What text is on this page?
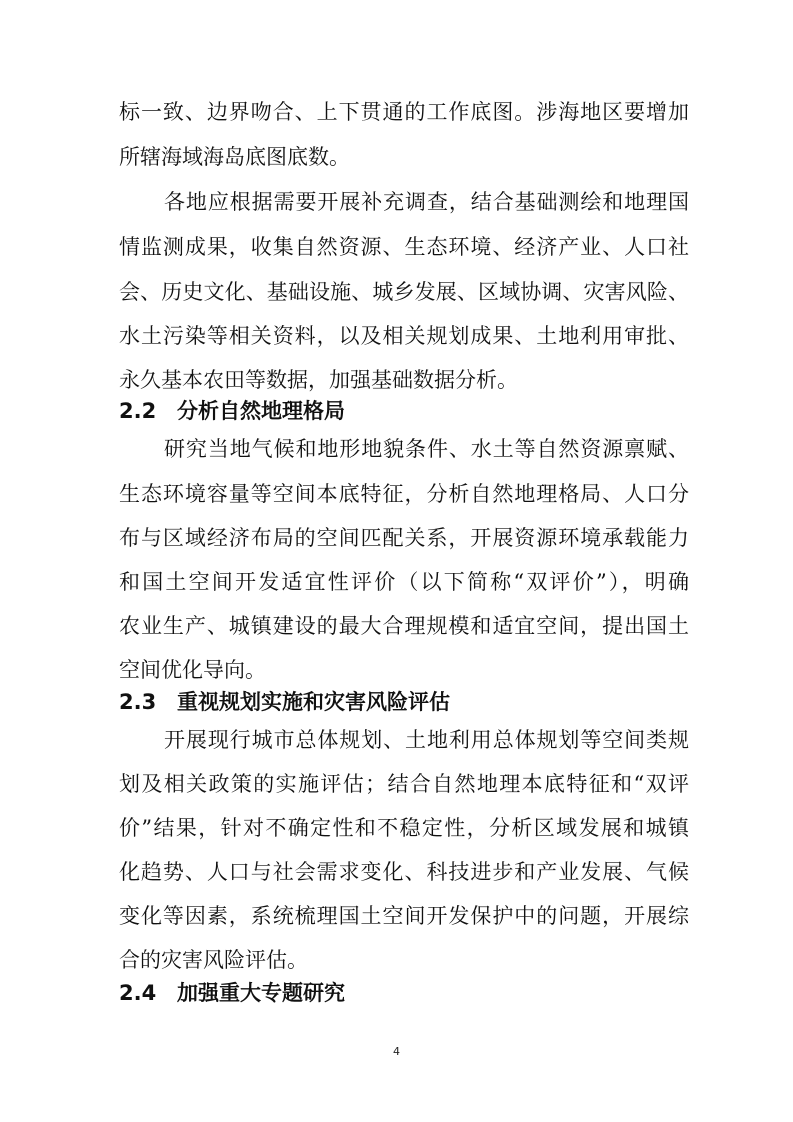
标一致、边界吻合、上下贯通的工作底图。涉海地区要增加
所辖海域海岛底图底数。
各地应根据需要开展补充调查，结合基础测绘和地理国
情监测成果，收集自然资源、生态环境、经济产业、人口社
会、历史文化、基础设施、城乡发展、区域协调、灾害风险、
水土污染等相关资料，以及相关规划成果、土地利用审批、
永久基本农田等数据，加强基础数据分析。
2.2 分析自然地理格局
研究当地气候和地形地貌条件、水土等自然资源禀赋、
生态环境容量等空间本底特征，分析自然地理格局、人口分
布与区域经济布局的空间匹配关系，开展资源环境承载能力
和国土空间开发适宜性评价（以下简称“双评价”），明确
农业生产、城镇建设的最大合理规模和适宜空间，提出国土
空间优化导向。
2.3 重视规划实施和灾害风险评估
开展现行城市总体规划、土地利用总体规划等空间类规
划及相关政策的实施评估；结合自然地理本底特征和“双评
价”结果，针对不确定性和不稳定性，分析区域发展和城镇
化趋势、人口与社会需求变化、科技进步和产业发展、气候
变化等因素，系统梳理国土空间开发保护中的问题，开展综
合的灾害风险评估。
2.4 加强重大专题研究
4
